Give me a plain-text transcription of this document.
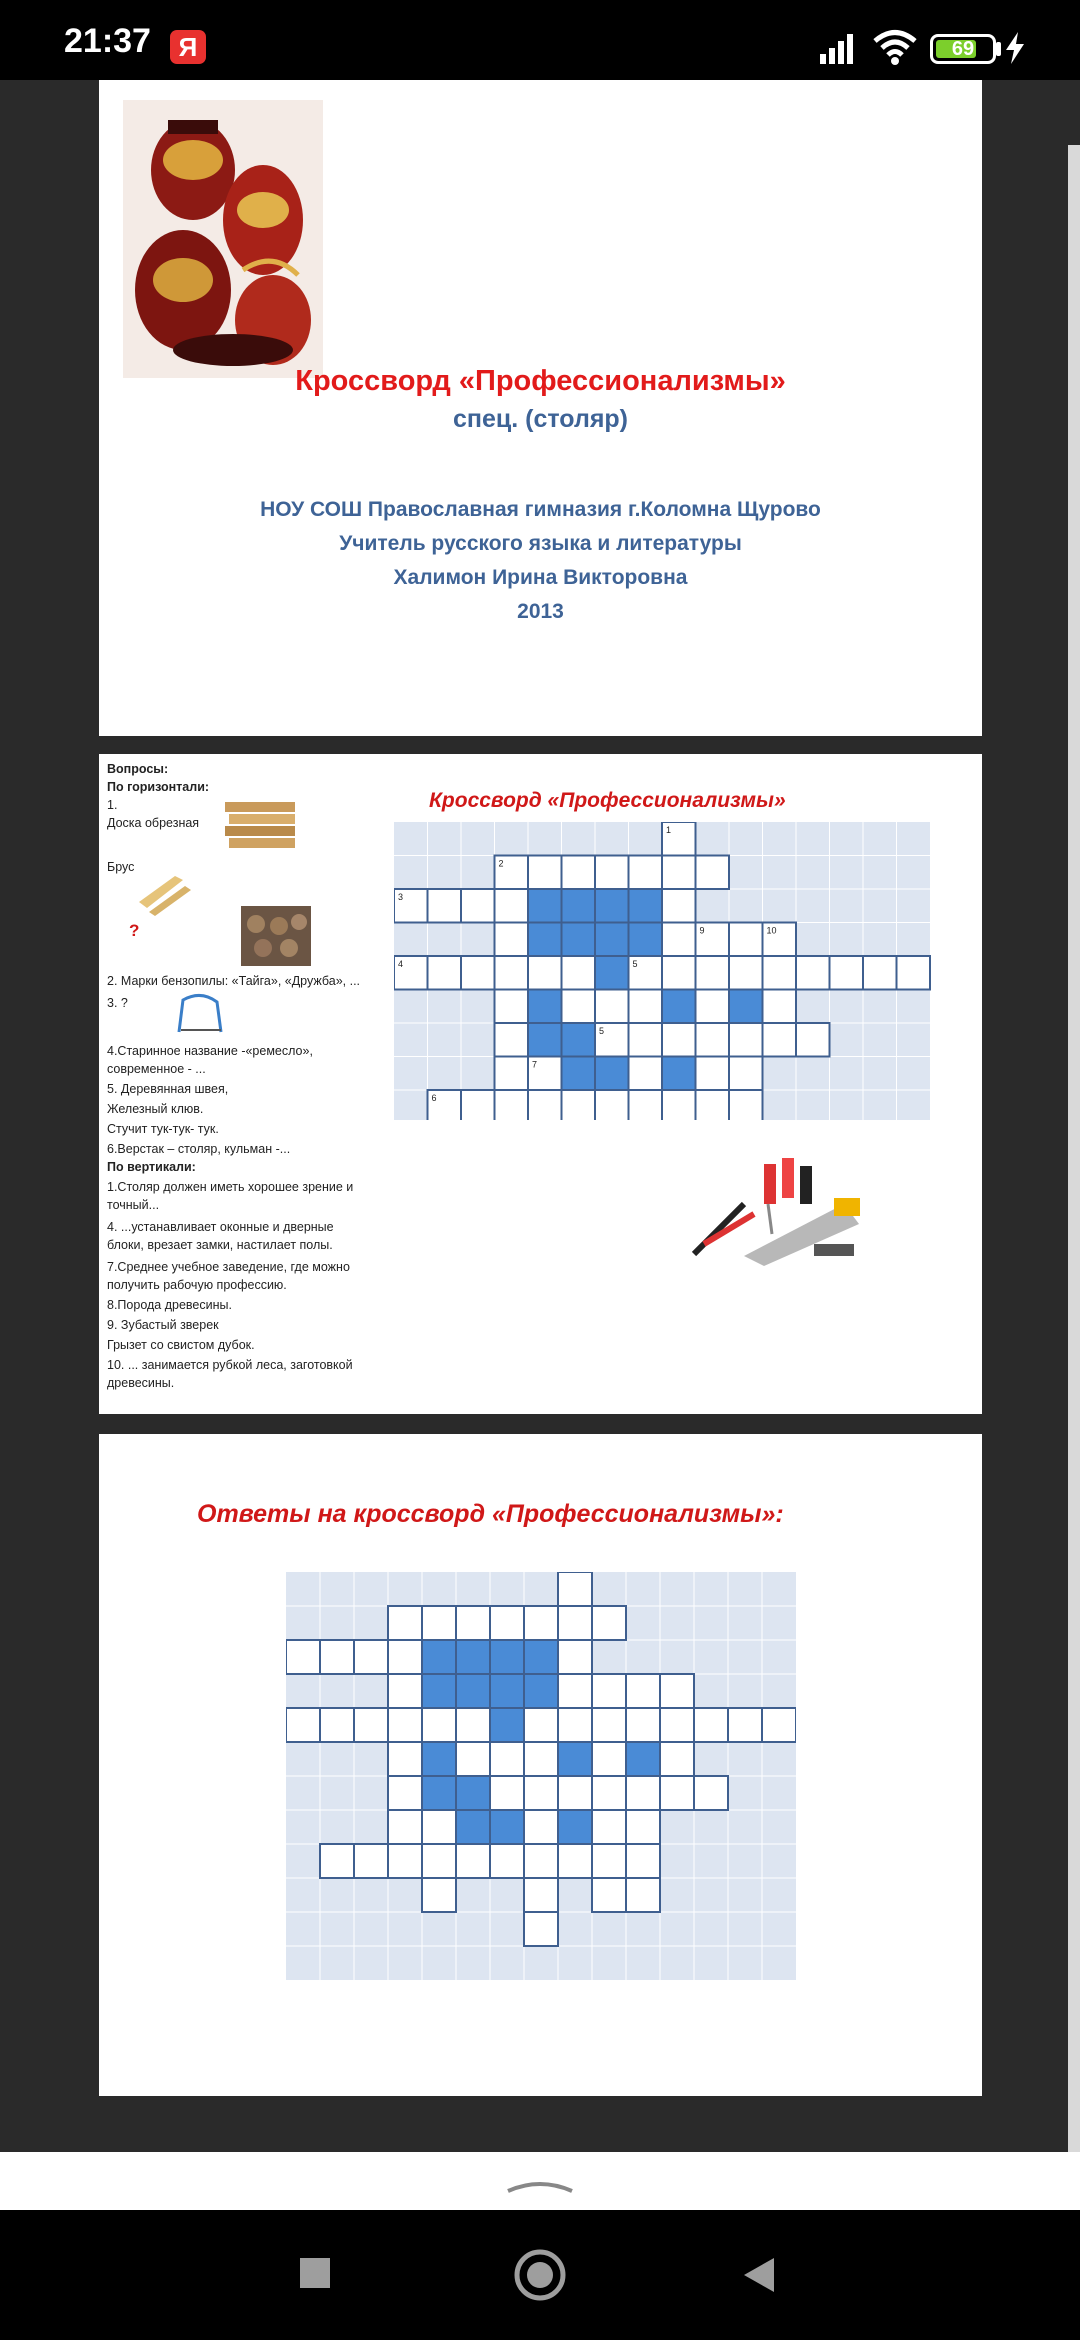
21:37	Я	69
Кроссворд «Профессионализмы»
спец. (столяр)
НОУ СОШ Православная гимназия г.Коломна Щурово
Учитель русского языка и литературы
Халимон Ирина Викторовна
2013
Вопросы:
По горизонтали:
1.
Доска обрезная
Брус
?
2. Марки бензопилы: «Тайга», «Дружба», ...
3. ?
4.Старинное название -«ремесло»,
современное - ...
5. Деревянная швея,
Железный клюв.
Стучит тук-тук- тук.
6.Верстак – столяр, кульман -...
По вертикали:
1.Столяр должен иметь хорошее зрение и
точный...
4. ...устанавливает оконные и дверные
блоки, врезает замки, настилает полы.
7.Среднее учебное заведение, где можно
получить рабочую профессию.
8.Порода древесины.
9. Зубастый зверек
Грызет со свистом дубок.
10. ... занимается рубкой леса, заготовкой
древесины.
Кроссворд «Профессионализмы»
1
2
3
4	5
5
6
7
9	10
Ответы на кроссворд «Профессионализмы»:
